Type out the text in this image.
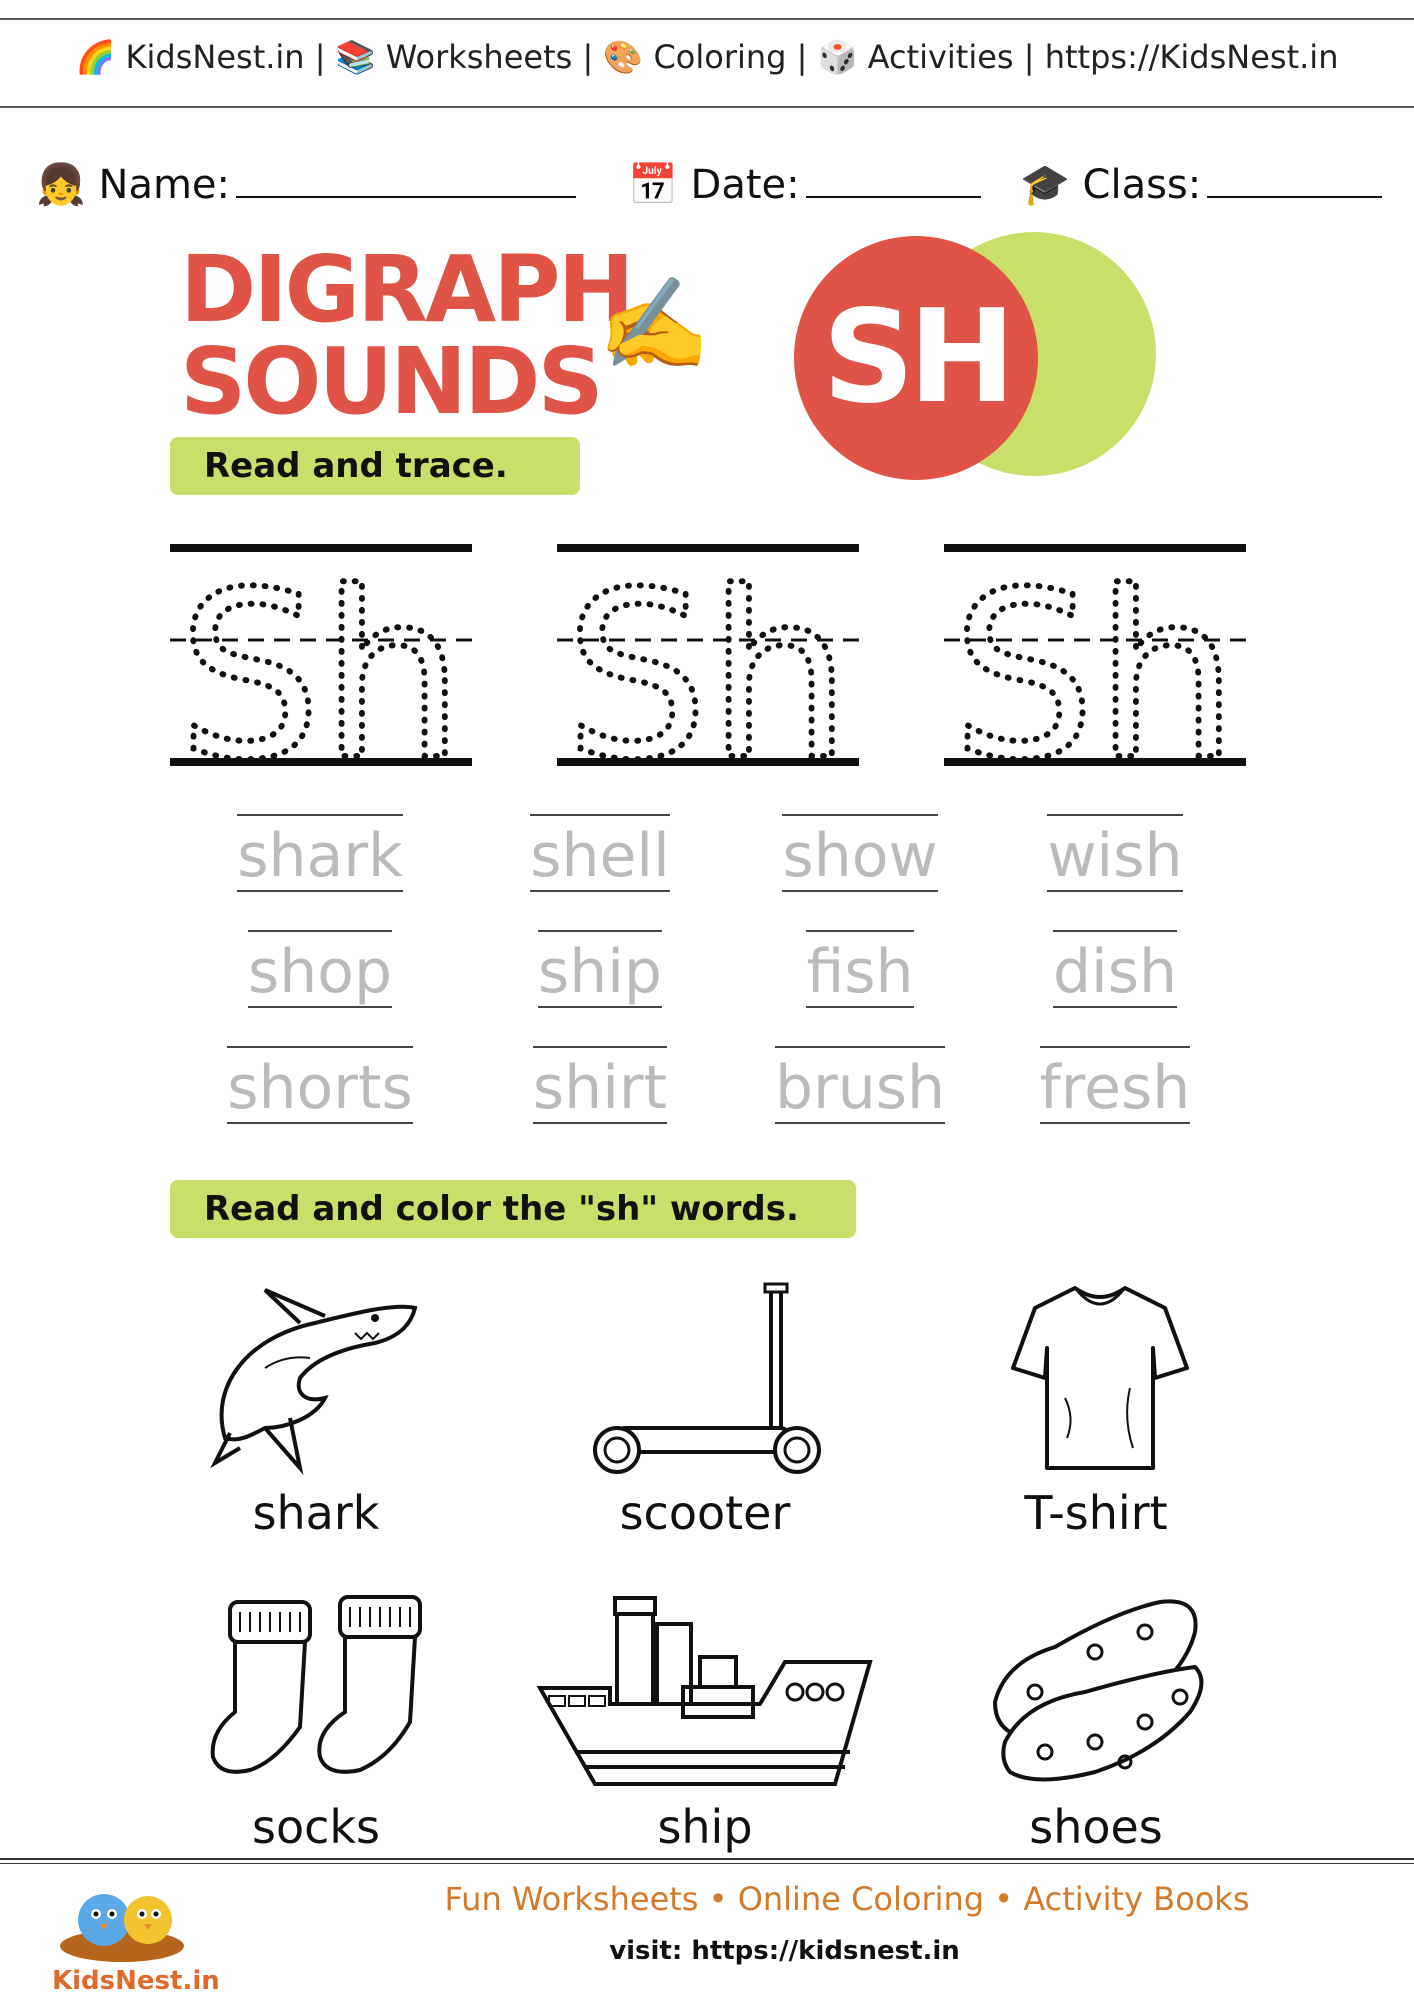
🌈 KidsNest.in | 📚 Worksheets | 🎨 Coloring | 🎲 Activities | https://KidsNest.in
👧 Name:	📅 Date:	🎓 Class:
DIGRAPH
SOUNDS
✍️ SH
Read and trace.
Sh
shark	shell show wish
shop	ship	fish	dish
shorts	shirt	brush	fresh
Read and color the "sh" words.
shark	scooter	T-shirt
socks	ship	shoes
KidsNest.in
Fun Worksheets • Online Coloring • Activity Books
visit: https://kidsnest.in
